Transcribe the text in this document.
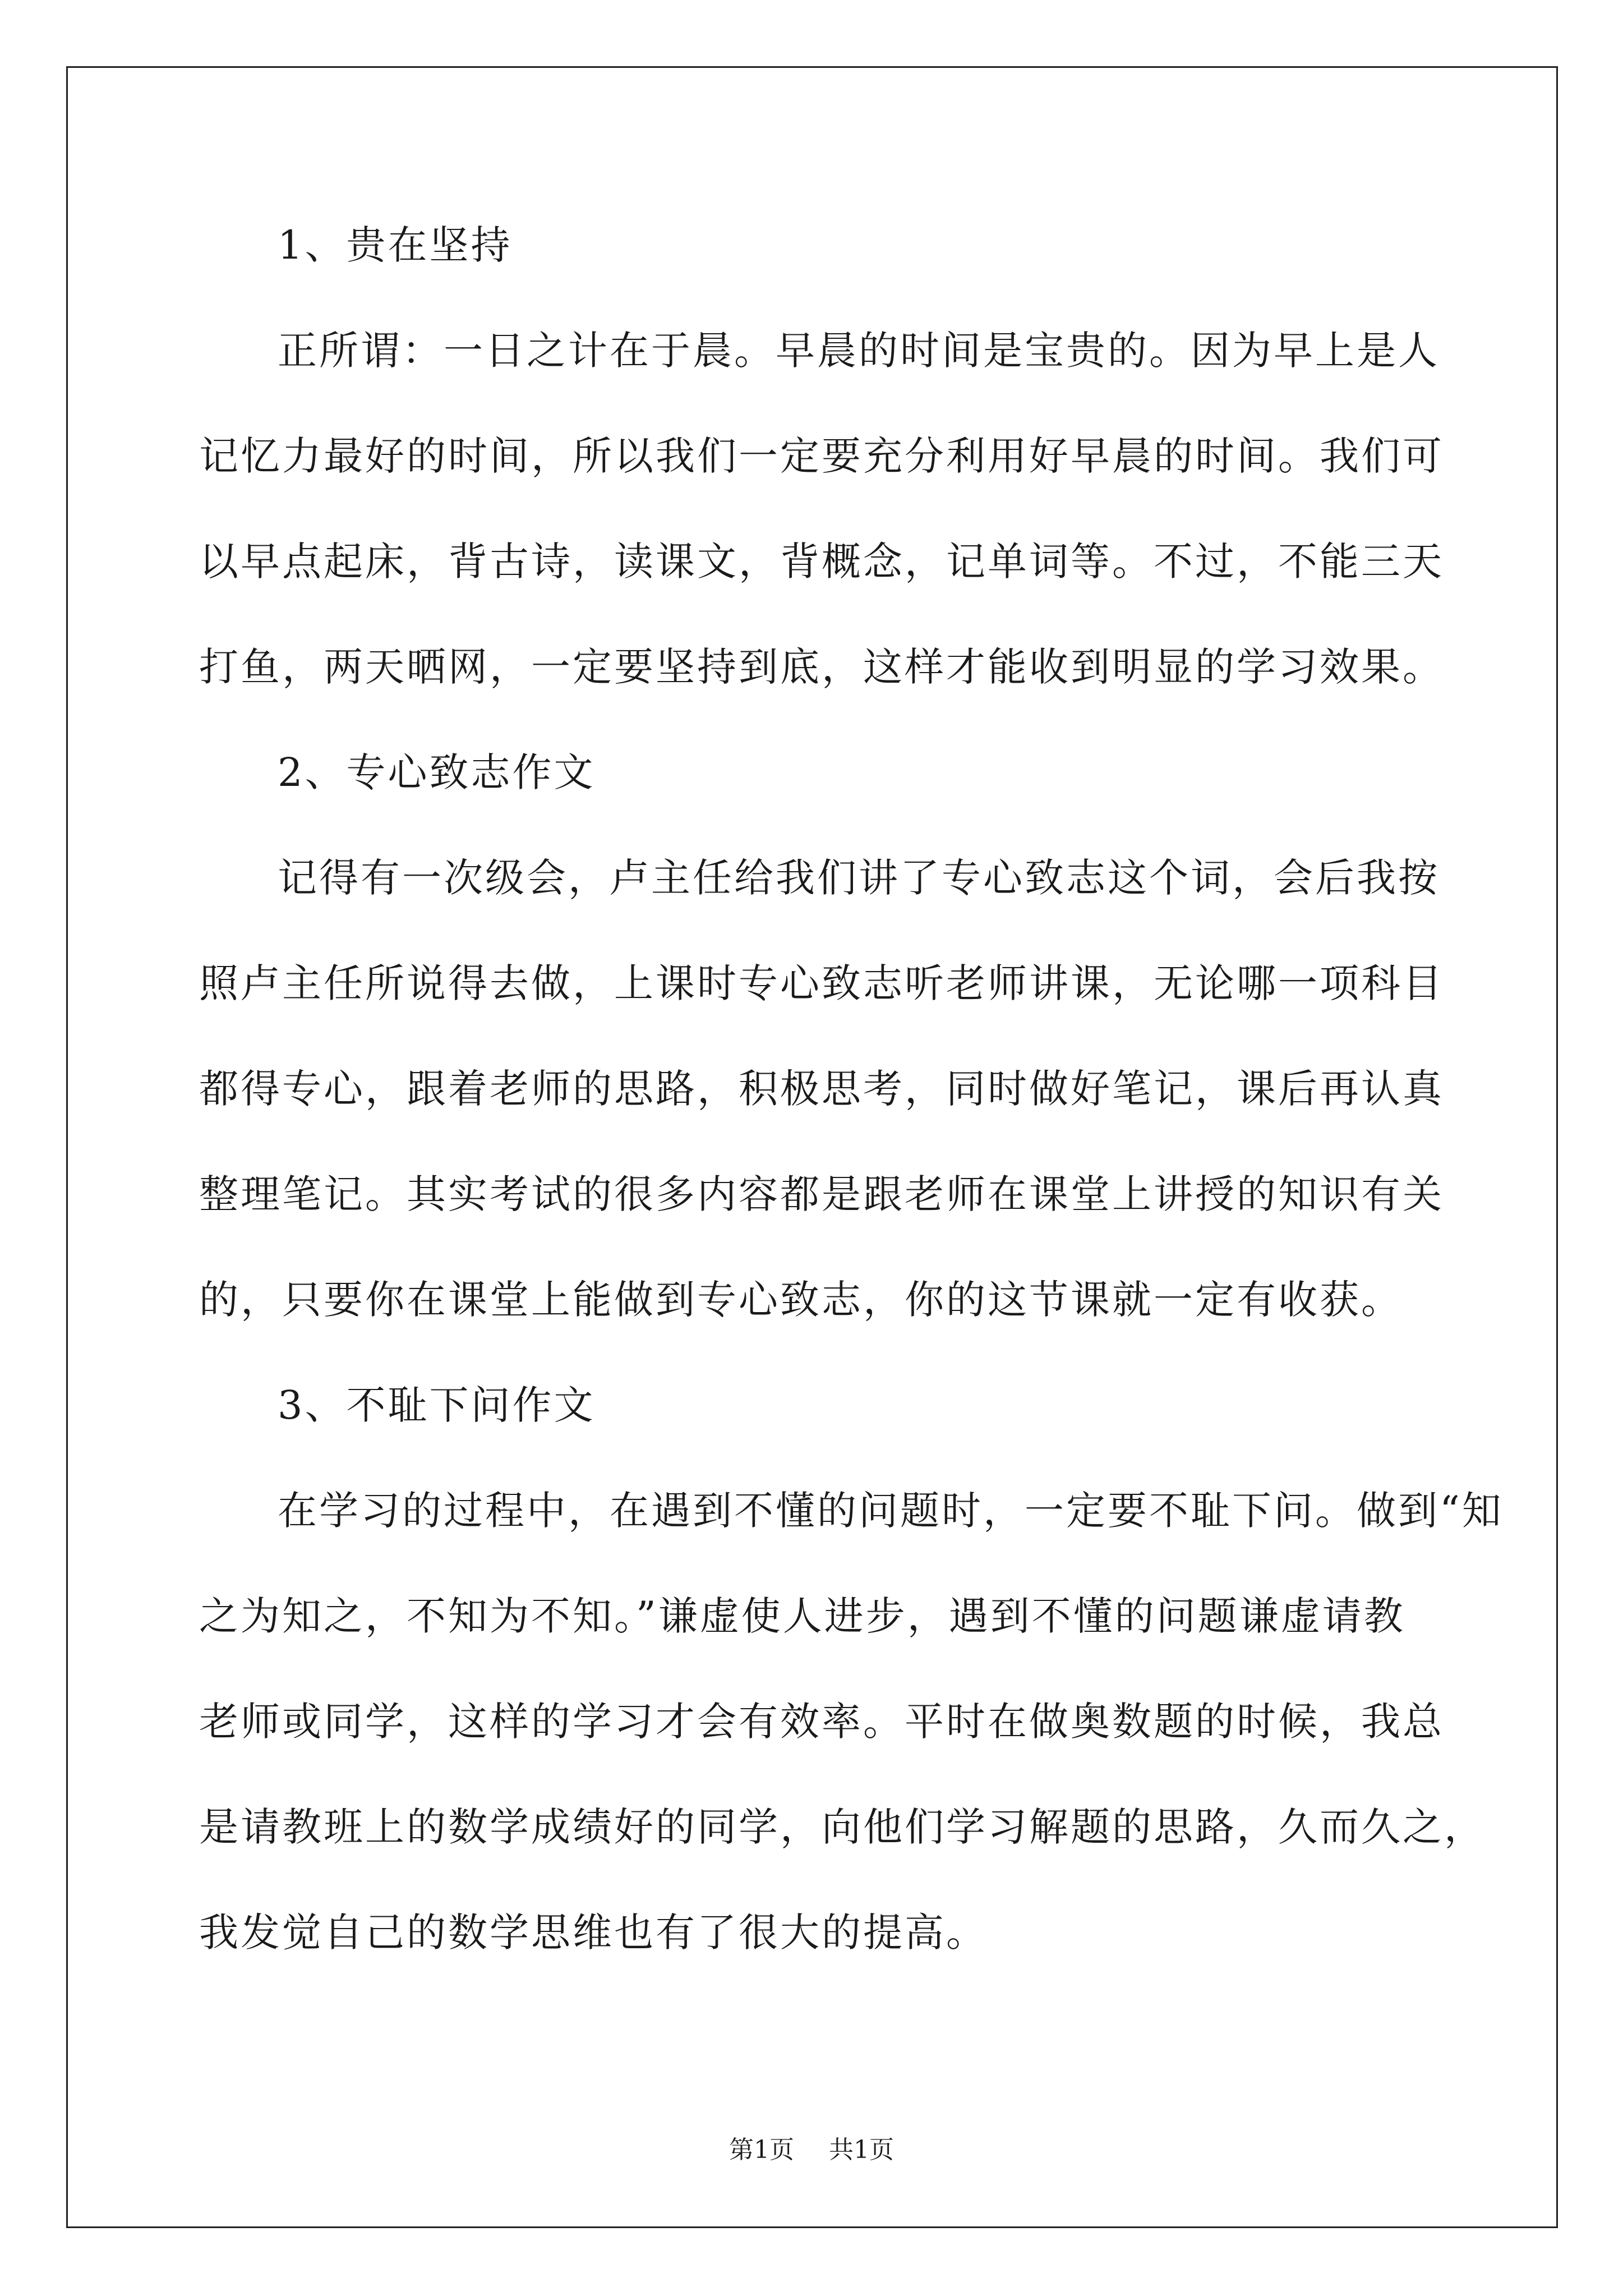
1、贵在坚持

正所谓：一日之计在于晨。早晨的时间是宝贵的。因为早上是人

记忆力最好的时间，所以我们一定要充分利用好早晨的时间。我们可

以早点起床，背古诗，读课文，背概念，记单词等。不过，不能三天

打鱼，两天晒网，一定要坚持到底，这样才能收到明显的学习效果。

2、专心致志作文

记得有一次级会，卢主任给我们讲了专心致志这个词，会后我按

照卢主任所说得去做，上课时专心致志听老师讲课，无论哪一项科目

都得专心，跟着老师的思路，积极思考，同时做好笔记，课后再认真

整理笔记。其实考试的很多内容都是跟老师在课堂上讲授的知识有关

的，只要你在课堂上能做到专心致志，你的这节课就一定有收获。

3、不耻下问作文

在学习的过程中，在遇到不懂的问题时，一定要不耻下问。做到“知

之为知之，不知为不知。”谦虚使人进步，遇到不懂的问题谦虚请教

老师或同学，这样的学习才会有效率。平时在做奥数题的时候，我总

是请教班上的数学成绩好的同学，向他们学习解题的思路，久而久之，

我发觉自己的数学思维也有了很大的提高。

第1页 共1页
